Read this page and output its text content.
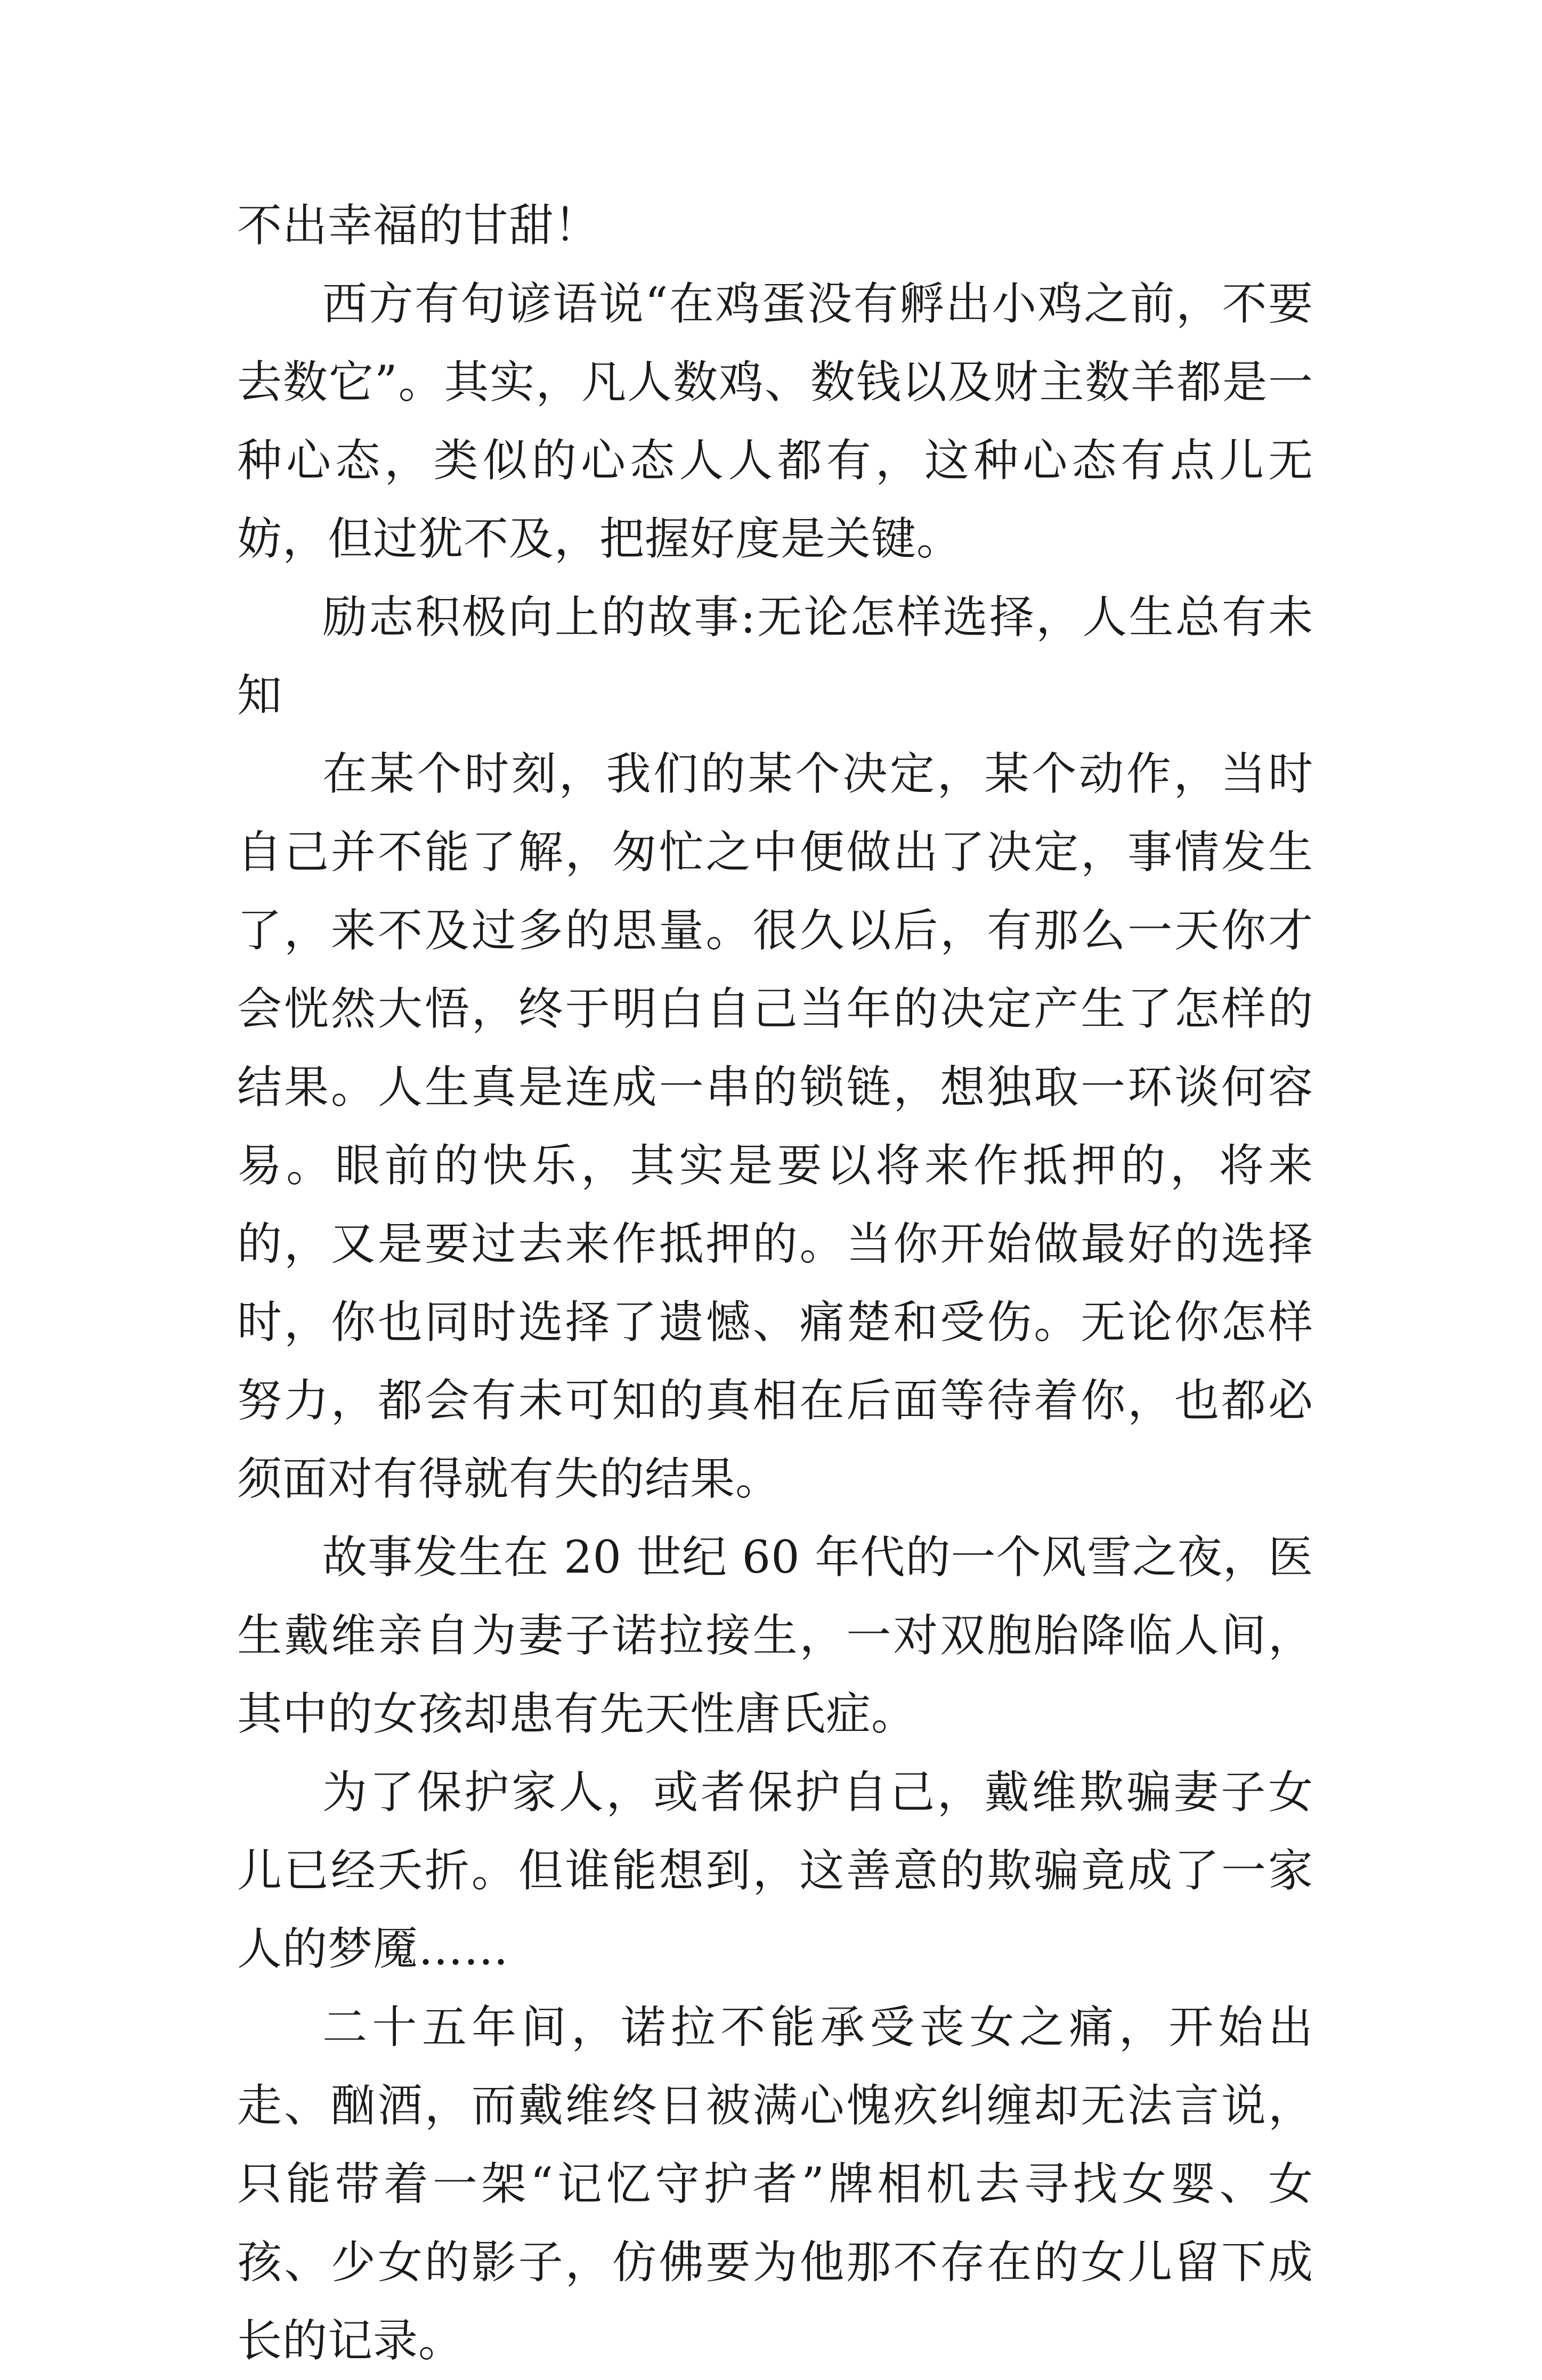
不出幸福的甘甜！

西方有句谚语说“在鸡蛋没有孵出小鸡之前，不要去数它”。其实，凡人数鸡、数钱以及财主数羊都是一种心态，类似的心态人人都有，这种心态有点儿无妨，但过犹不及，把握好度是关键。

励志积极向上的故事:无论怎样选择，人生总有未知

在某个时刻，我们的某个决定，某个动作，当时自己并不能了解，匆忙之中便做出了决定，事情发生了，来不及过多的思量。很久以后，有那么一天你才会恍然大悟，终于明白自己当年的决定产生了怎样的结果。人生真是连成一串的锁链，想独取一环谈何容易。眼前的快乐，其实是要以将来作抵押的，将来的，又是要过去来作抵押的。当你开始做最好的选择时，你也同时选择了遗憾、痛楚和受伤。无论你怎样努力，都会有未可知的真相在后面等待着你，也都必须面对有得就有失的结果。

故事发生在 20 世纪 60 年代的一个风雪之夜，医生戴维亲自为妻子诺拉接生，一对双胞胎降临人间，其中的女孩却患有先天性唐氏症。

为了保护家人，或者保护自己，戴维欺骗妻子女儿已经夭折。但谁能想到，这善意的欺骗竟成了一家人的梦魇……

二十五年间，诺拉不能承受丧女之痛，开始出走、酗酒，而戴维终日被满心愧疚纠缠却无法言说，只能带着一架“记忆守护者”牌相机去寻找女婴、女孩、少女的影子，仿佛要为他那不存在的女儿留下成长的记录。
